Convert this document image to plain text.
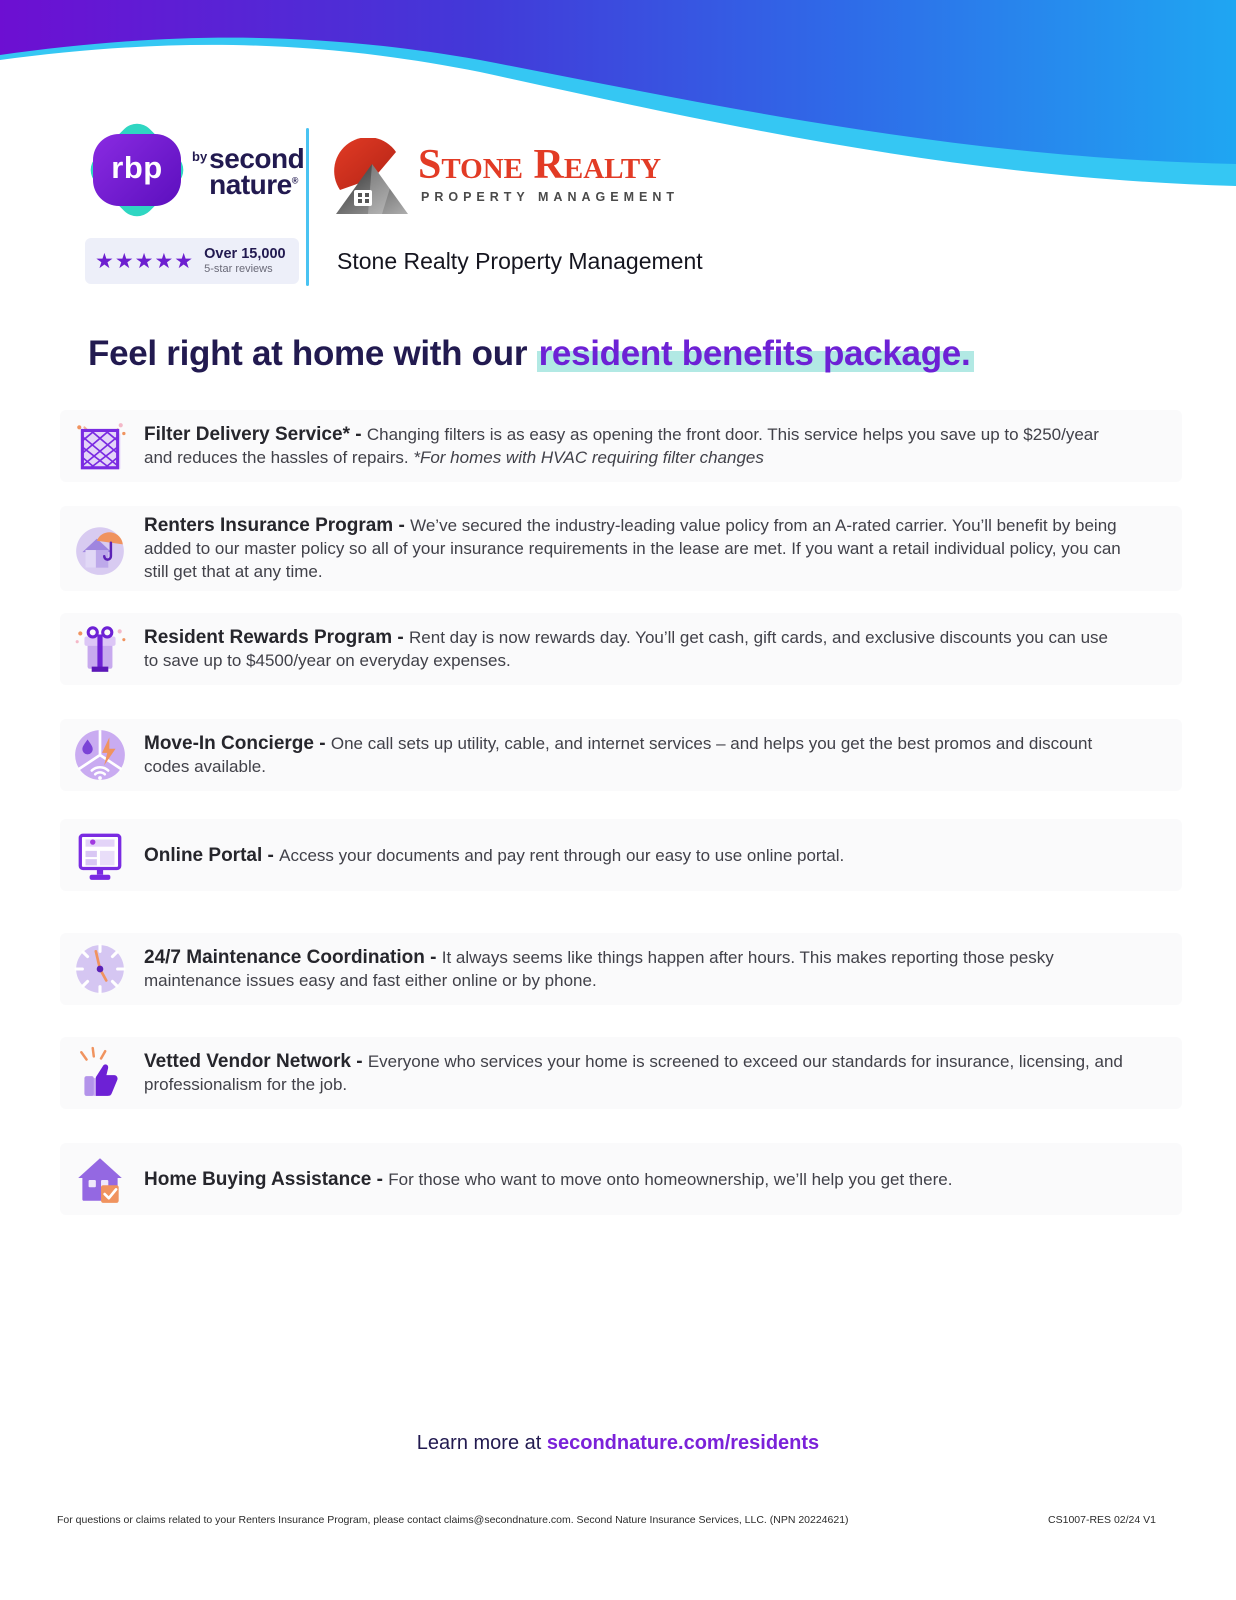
rbp	by second
nature®
★★★★★ Over 15,000
5-star reviews
Stone Realty
PROPERTY MANAGEMENT
Stone Realty Property Management
Feel right at home with our resident benefits package.
Filter Delivery Service* - Changing filters is as easy as opening the front door. This service helps you save up to $250/year and reduces the hassles of repairs. *For homes with HVAC requiring filter changes
Renters Insurance Program - We’ve secured the industry-leading value policy from an A-rated carrier. You’ll benefit by being added to our master policy so all of your insurance requirements in the lease are met. If you want a retail individual policy, you can still get that at any time.
Resident Rewards Program - Rent day is now rewards day. You’ll get cash, gift cards, and exclusive discounts you can use to save up to $4500/year on everyday expenses.
Move-In Concierge - One call sets up utility, cable, and internet services – and helps you get the best promos and discount codes available.
Online Portal - Access your documents and pay rent through our easy to use online portal.
24/7 Maintenance Coordination - It always seems like things happen after hours. This makes reporting those pesky maintenance issues easy and fast either online or by phone.
Vetted Vendor Network - Everyone who services your home is screened to exceed our standards for insurance, licensing, and professionalism for the job.
Home Buying Assistance - For those who want to move onto homeownership, we’ll help you get there.
Learn more at secondnature.com/residents
For questions or claims related to your Renters Insurance Program, please contact claims@secondnature.com. Second Nature Insurance Services, LLC. (NPN 20224621)	CS1007-RES 02/24 V1
